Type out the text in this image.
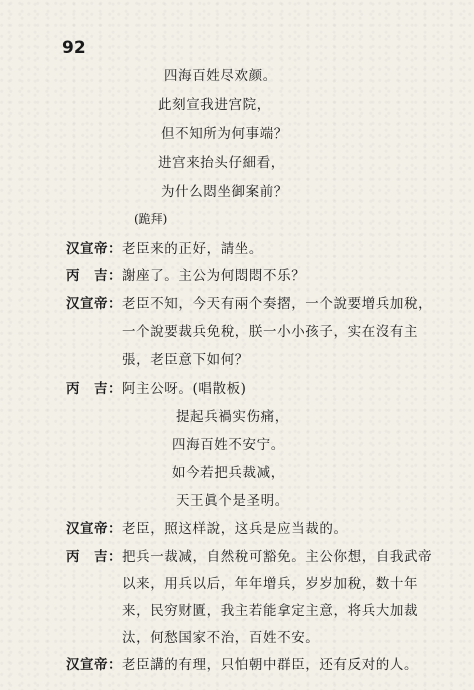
92
四海百姓尽欢颜。
此刻宣我进宫院，
但不知所为何事端？
进宫来抬头仔細看，
为什么悶坐御案前？
(跪拜)
汉宣帝： 老臣来的正好，請坐。
丙　吉： 謝座了。主公为何悶悶不乐？
汉宣帝： 老臣不知，今天有兩个奏摺，一个說要增兵加稅，
一个說要裁兵免稅，朕一小小孩子，实在沒有主
張，老臣意下如何？
丙　吉： 阿主公呀。(唱散板)
提起兵禍实伤痛，
四海百姓不安宁。
如今若把兵裁减，
天王眞个是圣明。
汉宣帝： 老臣，照这样說，这兵是应当裁的。
丙　吉： 把兵一裁减，自然稅可豁免。主公你想，自我武帝
以来，用兵以后，年年增兵，岁岁加稅，数十年
来，民穷财匱，我主若能拿定主意，将兵大加裁
汰，何愁国家不治，百姓不安。
汉宣帝： 老臣講的有理，只怕朝中群臣，还有反对的人。
